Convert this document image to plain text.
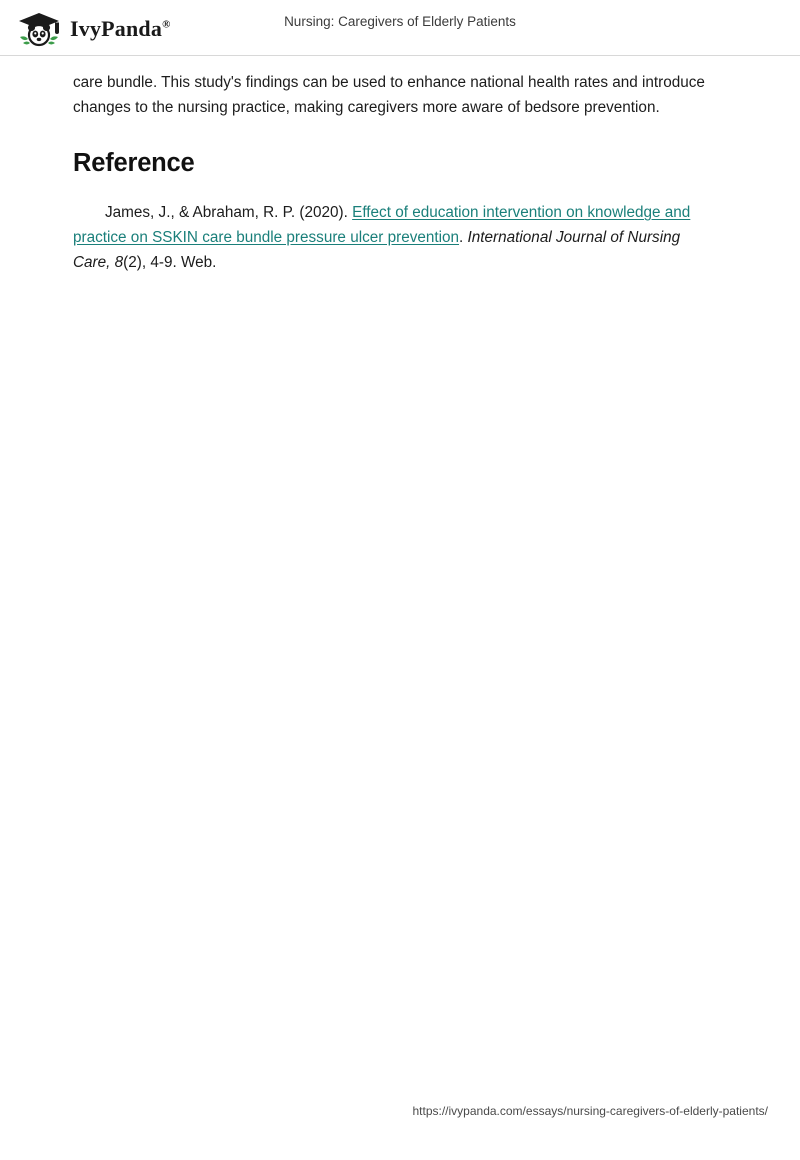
IvyPanda®	Nursing: Caregivers of Elderly Patients

care bundle. This study's findings can be used to enhance national health rates and introduce changes to the nursing practice, making caregivers more aware of bedsore prevention.

Reference

James, J., & Abraham, R. P. (2020). Effect of education intervention on knowledge and practice on SSKIN care bundle pressure ulcer prevention. International Journal of Nursing Care, 8(2), 4-9. Web.

https://ivypanda.com/essays/nursing-caregivers-of-elderly-patients/
